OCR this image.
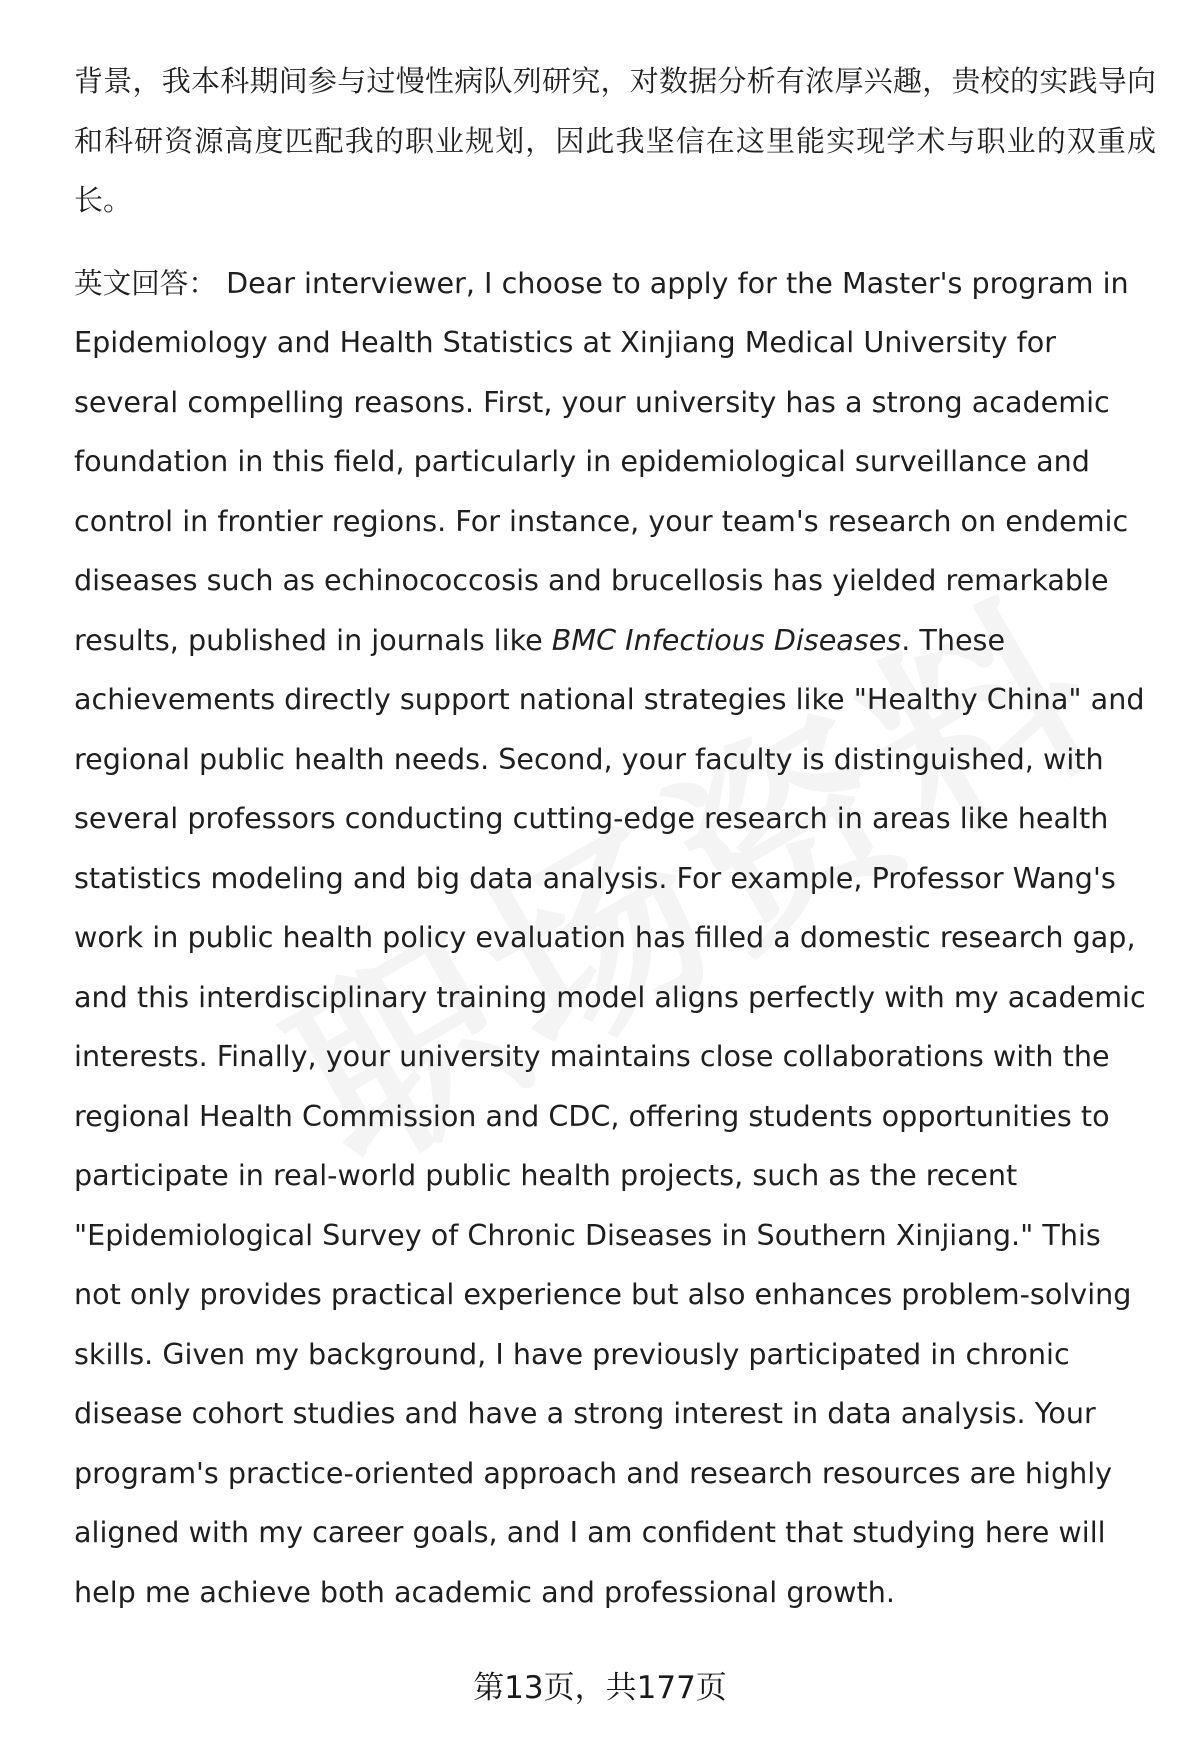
背景，我本科期间参与过慢性病队列研究，对数据分析有浓厚兴趣，贵校的实践导向和科研资源高度匹配我的职业规划，因此我坚信在这里能实现学术与职业的双重成长。

英文回答： Dear interviewer, I choose to apply for the Master's program in Epidemiology and Health Statistics at Xinjiang Medical University for several compelling reasons. First, your university has a strong academic foundation in this field, particularly in epidemiological surveillance and control in frontier regions. For instance, your team's research on endemic diseases such as echinococcosis and brucellosis has yielded remarkable results, published in journals like BMC Infectious Diseases. These achievements directly support national strategies like "Healthy China" and regional public health needs. Second, your faculty is distinguished, with several professors conducting cutting-edge research in areas like health statistics modeling and big data analysis. For example, Professor Wang's work in public health policy evaluation has filled a domestic research gap, and this interdisciplinary training model aligns perfectly with my academic interests. Finally, your university maintains close collaborations with the regional Health Commission and CDC, offering students opportunities to participate in real-world public health projects, such as the recent "Epidemiological Survey of Chronic Diseases in Southern Xinjiang." This not only provides practical experience but also enhances problem-solving skills. Given my background, I have previously participated in chronic disease cohort studies and have a strong interest in data analysis. Your program's practice-oriented approach and research resources are highly aligned with my career goals, and I am confident that studying here will help me achieve both academic and professional growth.

第13页，共177页
